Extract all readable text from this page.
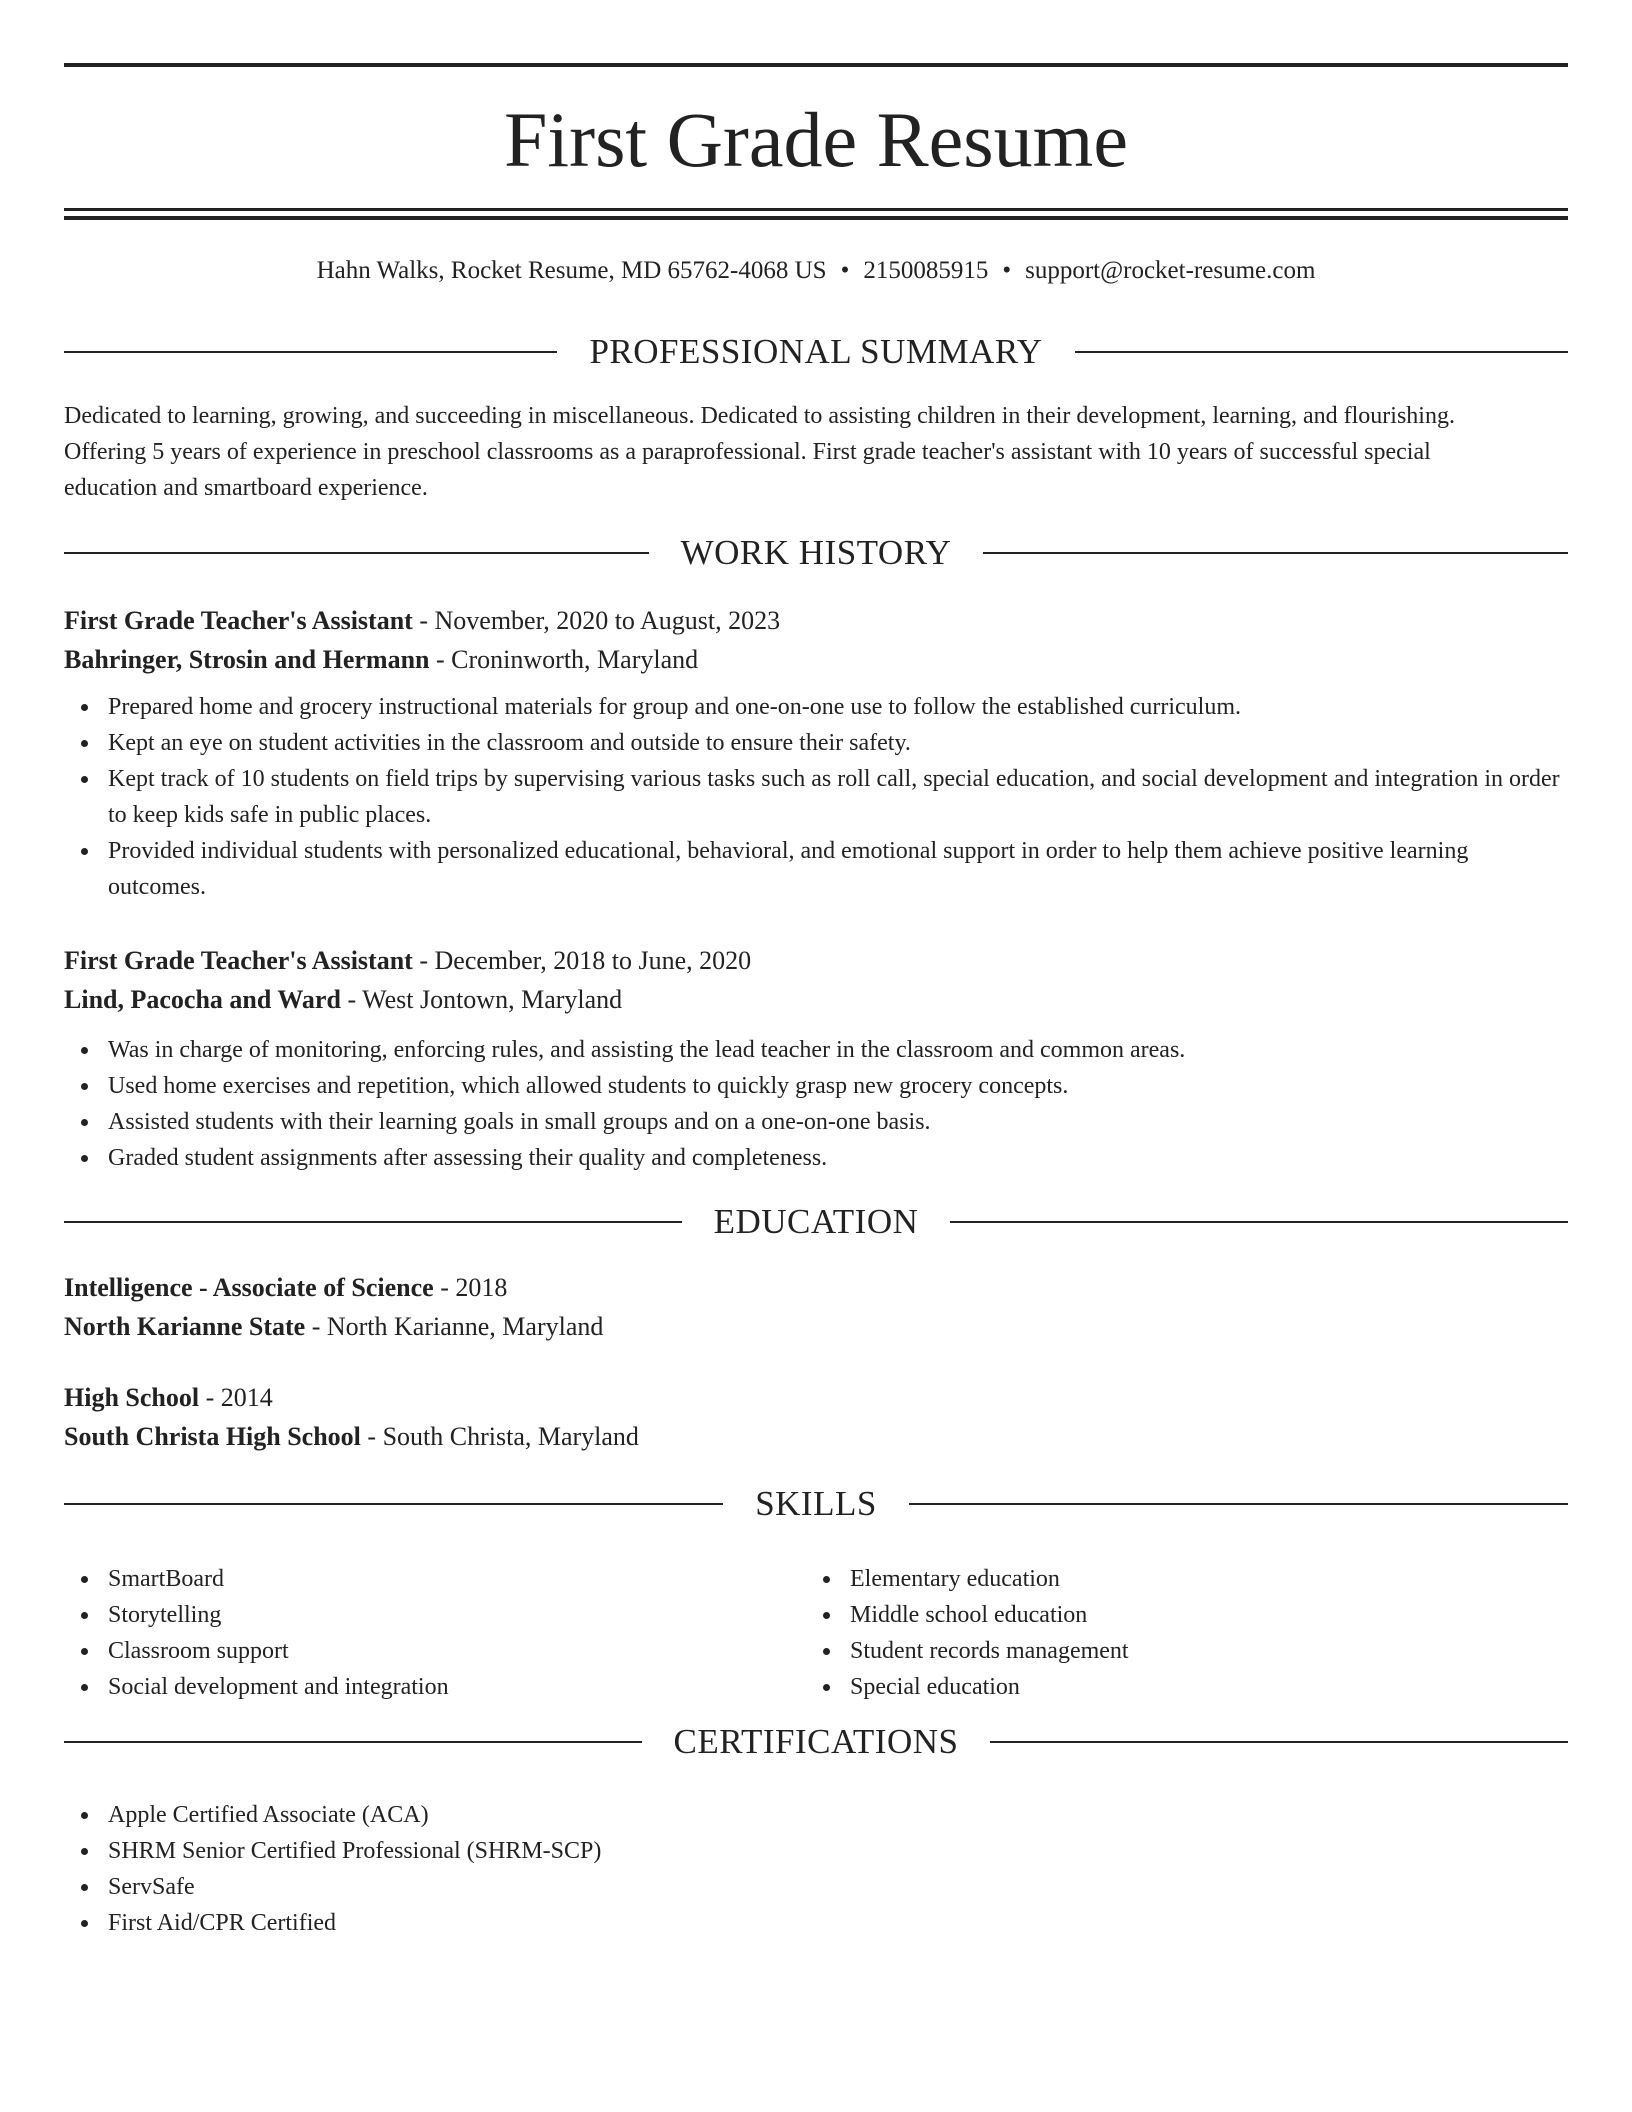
First Grade Resume
Hahn Walks, Rocket Resume, MD 65762-4068 US • 2150085915 • support@rocket-resume.com
PROFESSIONAL SUMMARY
Dedicated to learning, growing, and succeeding in miscellaneous. Dedicated to assisting children in their development, learning, and flourishing.
Offering 5 years of experience in preschool classrooms as a paraprofessional. First grade teacher's assistant with 10 years of successful special
education and smartboard experience.
WORK HISTORY
First Grade Teacher's Assistant - November, 2020 to August, 2023
Bahringer, Strosin and Hermann - Croninworth, Maryland
Prepared home and grocery instructional materials for group and one-on-one use to follow the established curriculum.
Kept an eye on student activities in the classroom and outside to ensure their safety.
Kept track of 10 students on field trips by supervising various tasks such as roll call, special education, and social development and integration in order to keep kids safe in public places.
Provided individual students with personalized educational, behavioral, and emotional support in order to help them achieve positive learning outcomes.
First Grade Teacher's Assistant - December, 2018 to June, 2020
Lind, Pacocha and Ward - West Jontown, Maryland
Was in charge of monitoring, enforcing rules, and assisting the lead teacher in the classroom and common areas.
Used home exercises and repetition, which allowed students to quickly grasp new grocery concepts.
Assisted students with their learning goals in small groups and on a one-on-one basis.
Graded student assignments after assessing their quality and completeness.
EDUCATION
Intelligence - Associate of Science - 2018
North Karianne State - North Karianne, Maryland
High School - 2014
South Christa High School - South Christa, Maryland
SKILLS
SmartBoard
Storytelling
Classroom support
Social development and integration
Elementary education
Middle school education
Student records management
Special education
CERTIFICATIONS
Apple Certified Associate (ACA)
SHRM Senior Certified Professional (SHRM-SCP)
ServSafe
First Aid/CPR Certified
